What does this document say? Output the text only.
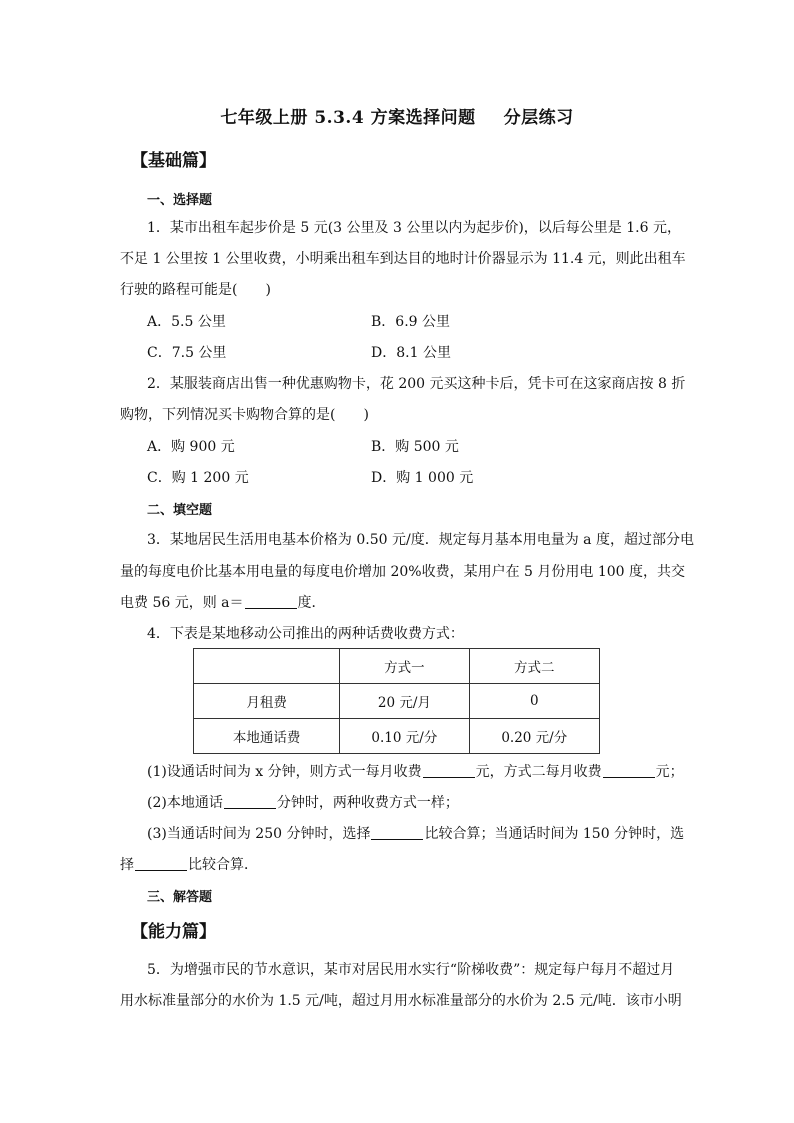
七年级上册 5.3.4 方案选择问题 分层练习
【基础篇】
一、选择题
1．某市出租车起步价是 5 元(3 公里及 3 公里以内为起步价)，以后每公里是 1.6 元，
不足 1 公里按 1 公里收费，小明乘出租车到达目的地时计价器显示为 11.4 元，则此出租车
行驶的路程可能是(　　)
A．5.5 公里	B．6.9 公里
C．7.5 公里	D．8.1 公里
2．某服装商店出售一种优惠购物卡，花 200 元买这种卡后，凭卡可在这家商店按 8 折
购物，下列情况买卡购物合算的是(　　)
A．购 900 元	B．购 500 元
C．购 1 200 元	D．购 1 000 元
二、填空题
3．某地居民生活用电基本价格为 0.50 元/度．规定每月基本用电量为 a 度，超过部分电
量的每度电价比基本用电量的每度电价增加 20%收费，某用户在 5 月份用电 100 度，共交
电费 56 元，则 a＝	度．
4．下表是某地移动公司推出的两种话费收费方式：
	方式一	方式二
月租费	20 元/月	0
本地通话费	0.10 元/分	0.20 元/分
(1)设通话时间为 x 分钟，则方式一每月收费	元，方式二每月收费	元；
(2)本地通话	分钟时，两种收费方式一样；
(3)当通话时间为 250 分钟时，选择	比较合算；当通话时间为 150 分钟时，选
择	比较合算．
三、解答题
【能力篇】
5．为增强市民的节水意识，某市对居民用水实行“阶梯收费”：规定每户每月不超过月
用水标准量部分的水价为 1.5 元/吨，超过月用水标准量部分的水价为 2.5 元/吨．该市小明
